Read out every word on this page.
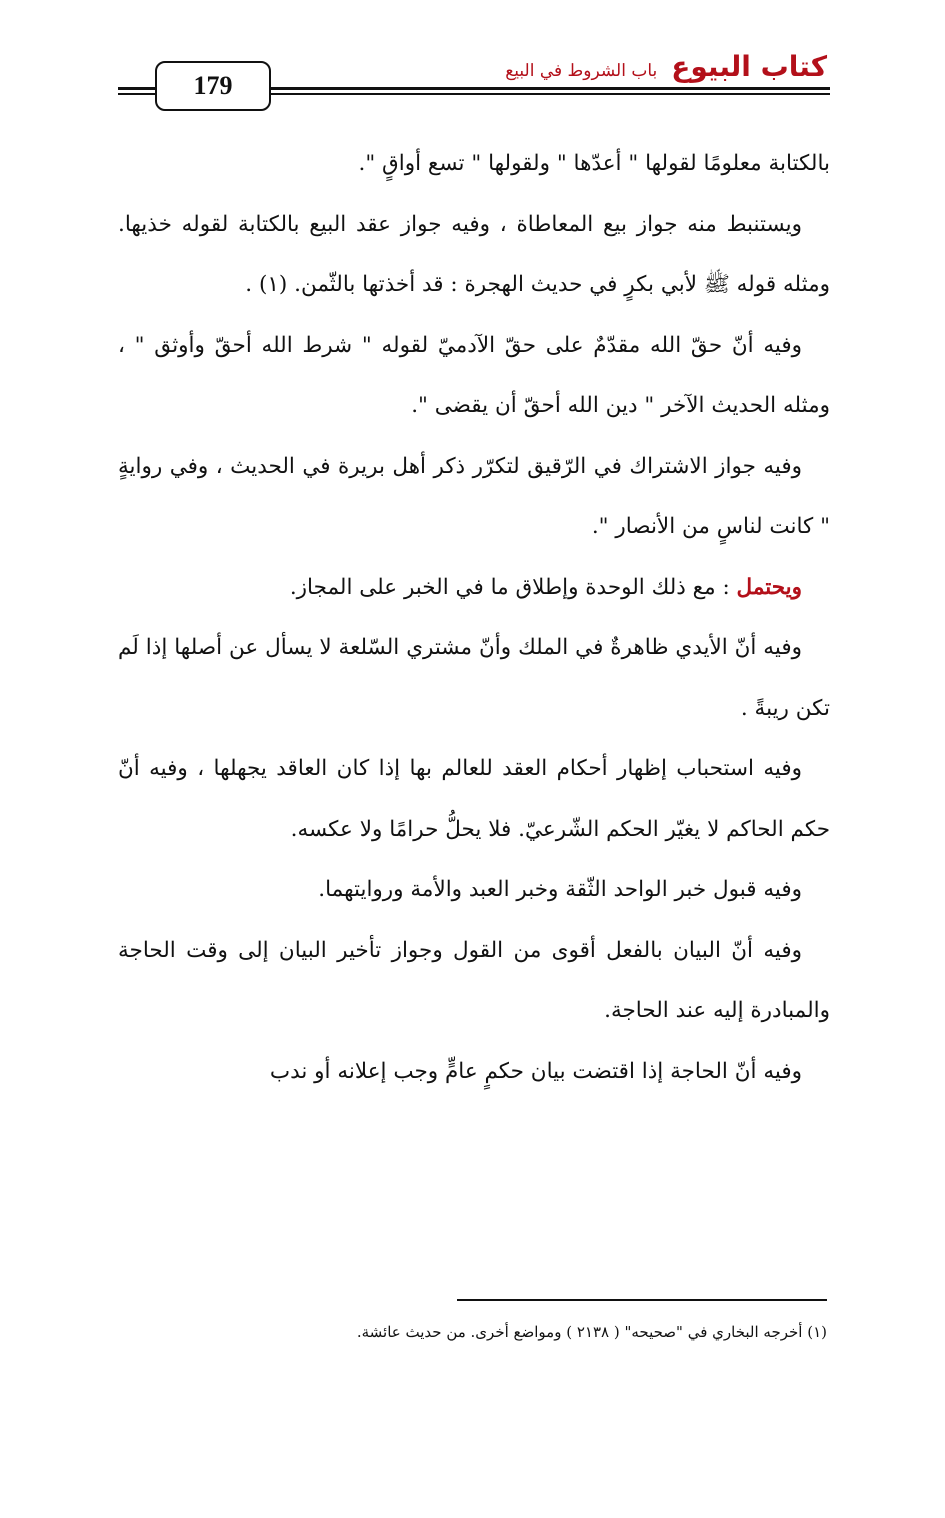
كتاب البيوع
باب الشروط في البيع
179

بالكتابة معلومًا لقولها " أعدّها " ولقولها " تسع أواقٍ ".

ويستنبط منه جواز بيع المعاطاة ، وفيه جواز عقد البيع بالكتابة لقوله خذيها. ومثله قوله ﷺ لأبي بكرٍ في حديث الهجرة : قد أخذتها بالثّمن. (١) .

وفيه أنّ حقّ الله مقدّمٌ على حقّ الآدميّ لقوله " شرط الله أحقّ وأوثق " ، ومثله الحديث الآخر " دين الله أحقّ أن يقضى ".

وفيه جواز الاشتراك في الرّقيق لتكرّر ذكر أهل بريرة في الحديث ، وفي روايةٍ " كانت لناسٍ من الأنصار ".

ويحتمل : مع ذلك الوحدة وإطلاق ما في الخبر على المجاز.

وفيه أنّ الأيدي ظاهرةٌ في الملك وأنّ مشتري السّلعة لا يسأل عن أصلها إذا لَم تكن ريبةً .

وفيه استحباب إظهار أحكام العقد للعالم بها إذا كان العاقد يجهلها ، وفيه أنّ حكم الحاكم لا يغيّر الحكم الشّرعيّ. فلا يحلُّ حرامًا ولا عكسه.

وفيه قبول خبر الواحد الثّقة وخبر العبد والأمة وروايتهما.

وفيه أنّ البيان بالفعل أقوى من القول وجواز تأخير البيان إلى وقت الحاجة والمبادرة إليه عند الحاجة.

وفيه أنّ الحاجة إذا اقتضت بيان حكمٍ عامٍّ وجب إعلانه أو ندب

(١) أخرجه البخاري في "صحيحه" ( ٢١٣٨ ) ومواضع أخرى. من حديث عائشة.
